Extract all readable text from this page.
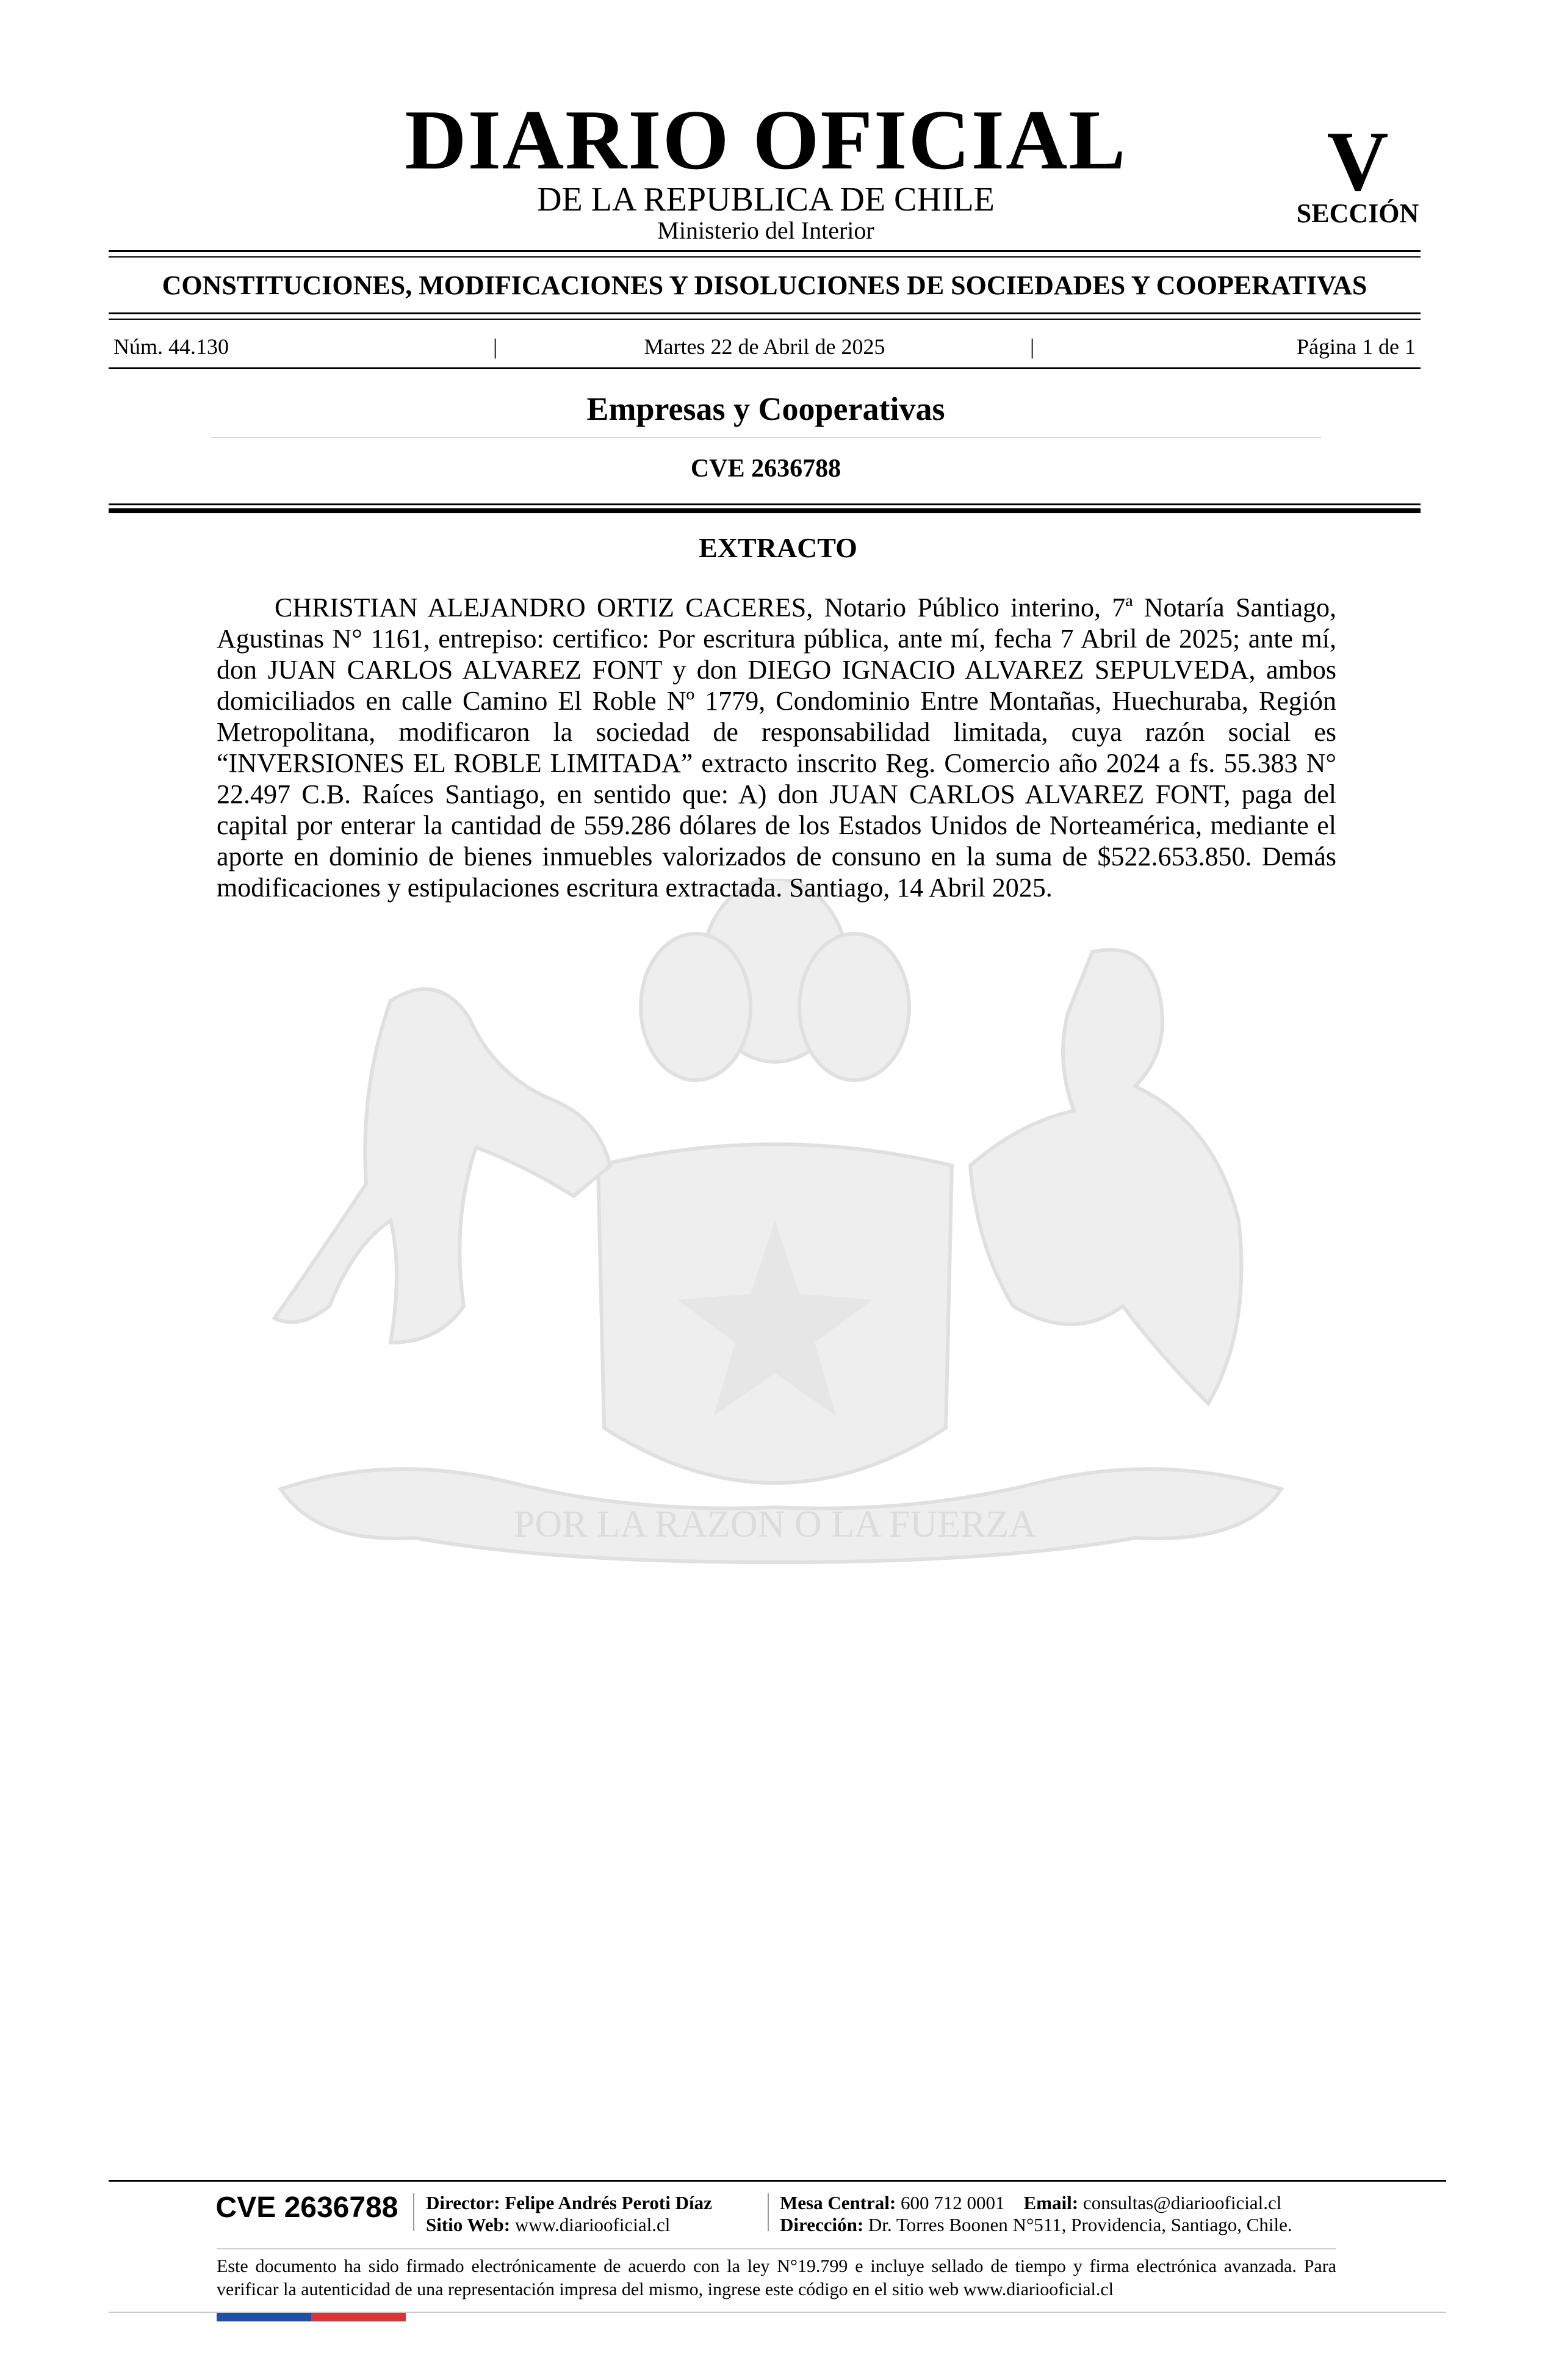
DIARIO OFICIAL
DE LA REPUBLICA DE CHILE
Ministerio del Interior
V
SECCIÓN
CONSTITUCIONES, MODIFICACIONES Y DISOLUCIONES DE SOCIEDADES Y COOPERATIVAS
Núm. 44.130	|	Martes 22 de Abril de 2025	|	Página 1 de 1
Empresas y Cooperativas
CVE 2636788
POR LA RAZON O LA FUERZA
EXTRACTO

CHRISTIAN ALEJANDRO ORTIZ CACERES, Notario Público interino, 7ª Notaría Santiago, Agustinas N° 1161, entrepiso: certifico: Por escritura pública, ante mí, fecha 7 Abril de 2025; ante mí, don JUAN CARLOS ALVAREZ FONT y don DIEGO IGNACIO ALVAREZ SEPULVEDA, ambos domiciliados en calle Camino El Roble Nº 1779, Condominio Entre Montañas, Huechuraba, Región Metropolitana, modificaron la sociedad de responsabilidad limitada, cuya razón social es “INVERSIONES EL ROBLE LIMITADA” extracto inscrito Reg. Comercio año 2024 a fs. 55.383 N° 22.497 C.B. Raíces Santiago, en sentido que: A) don JUAN CARLOS ALVAREZ FONT, paga del capital por enterar la cantidad de 559.286 dólares de los Estados Unidos de Norteamérica, mediante el aporte en dominio de bienes inmuebles valorizados de consuno en la suma de $522.653.850. Demás modificaciones y estipulaciones escritura extractada. Santiago, 14 Abril 2025.

CVE 2636788	Director: Felipe Andrés Peroti Díaz
Sitio Web: www.diariooficial.cl
Mesa Central: 600 712 0001 Email: consultas@diariooficial.cl
Dirección: Dr. Torres Boonen N°511, Providencia, Santiago, Chile.

Este documento ha sido firmado electrónicamente de acuerdo con la ley N°19.799 e incluye sellado de tiempo y firma electrónica avanzada. Para verificar la autenticidad de una representación impresa del mismo, ingrese este código en el sitio web www.diariooficial.cl
